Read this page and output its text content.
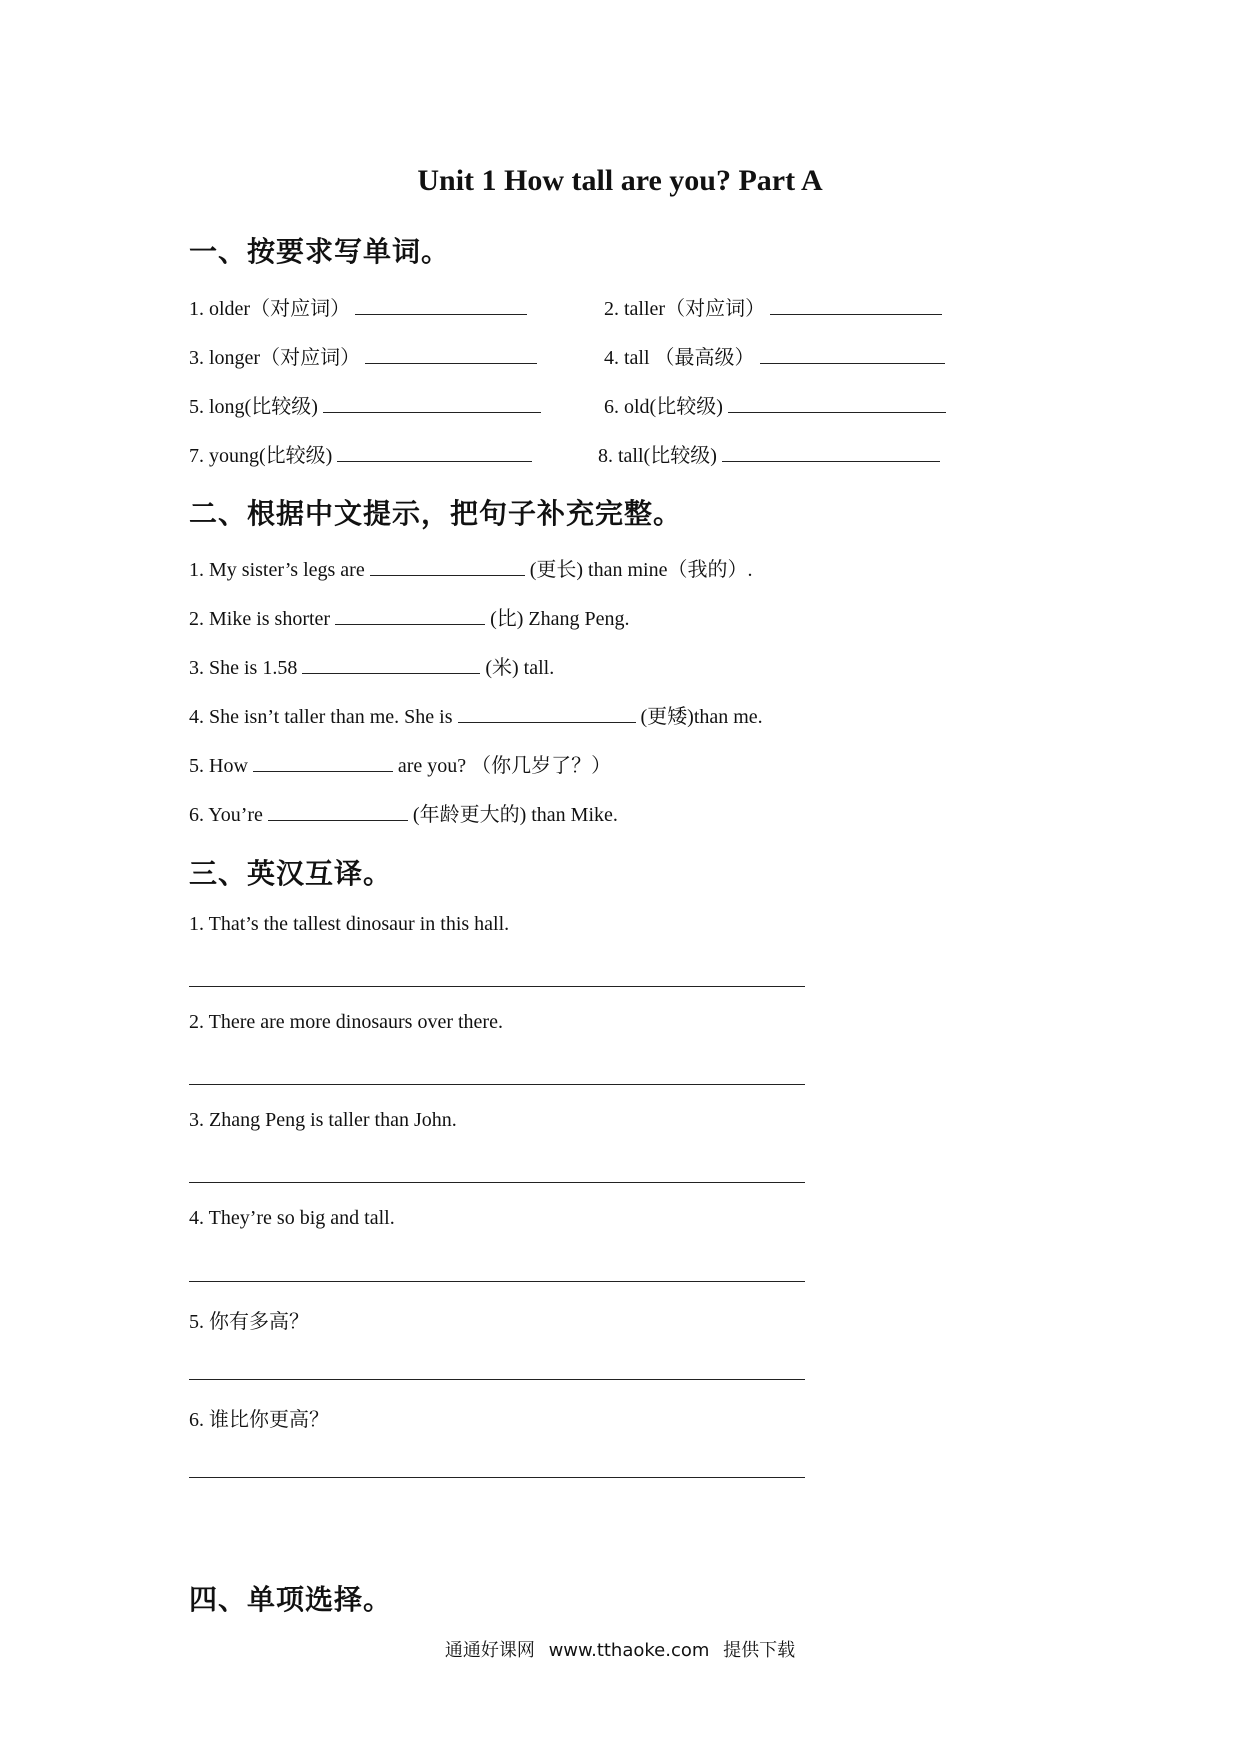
Unit 1 How tall are you? Part A
一、按要求写单词。
1. older（对应词）	2. taller（对应词）
3. longer（对应词）	4. tall （最高级）
5. long(比较级)	6. old(比较级)
7. young(比较级)	8. tall(比较级)
二、根据中文提示，把句子补充完整。
1. My sister’s legs are	(更长) than mine（我的）.
2. Mike is shorter	(比) Zhang Peng.
3. She is 1.58	(米) tall.
4. She isn’t taller than me. She is	(更矮)than me.
5. How	are you? （你几岁了？）
6. You’re	(年龄更大的) than Mike.
三、英汉互译。
1. That’s the tallest dinosaur in this hall.
2. There are more dinosaurs over there.
3. Zhang Peng is taller than John.
4. They’re so big and tall.
5. 你有多高？
6. 谁比你更高？
四、单项选择。
通通好课网 www.tthaoke.com 提供下载
